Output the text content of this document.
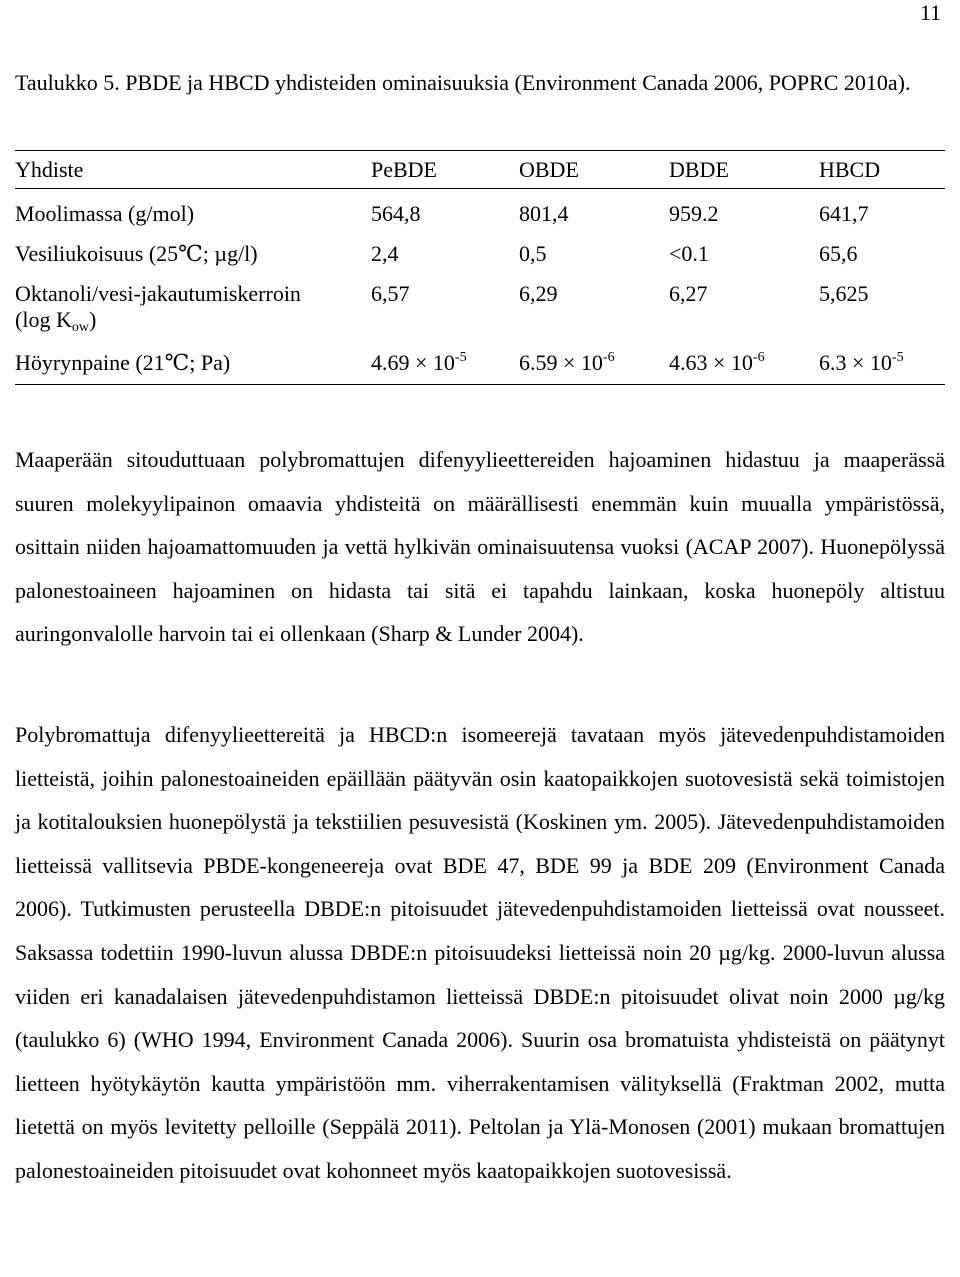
11
Taulukko 5. PBDE ja HBCD yhdisteiden ominaisuuksia (Environment Canada 2006, POPRC 2010a).
Yhdiste	PeBDE	OBDE	DBDE	HBCD
Moolimassa (g/mol)	564,8	801,4	959.2	641,7
Vesiliukoisuus (25℃; µg/l)	2,4	0,5	<0.1	65,6
Oktanoli/vesi-jakautumiskerroin
(log $K_{ow}$)	6,57	6,29	6,27	5,625
Höyrynpaine (21℃; Pa)	$4.69 \times 10^{-5}$	$6.59 \times 10^{-6}$	$4.63 \times 10^{-6}$	$6.3 \times 10^{-5}$

Maaperään sitouduttuaan polybromattujen difenyylieettereiden hajoaminen hidastuu ja maaperässä suuren molekyylipainon omaavia yhdisteitä on määrällisesti enemmän kuin muualla ympäristössä, osittain niiden hajoamattomuuden ja vettä hylkivän ominaisuutensa vuoksi (ACAP 2007). Huonepölyssä palonestoaineen hajoaminen on hidasta tai sitä ei tapahdu lainkaan, koska huonepöly altistuu auringonvalolle harvoin tai ei ollenkaan (Sharp & Lunder 2004).

Polybromattuja difenyylieettereitä ja HBCD:n isomeerejä tavataan myös jätevedenpuhdistamoiden lietteistä, joihin palonestoaineiden epäillään päätyvän osin kaatopaikkojen suotovesistä sekä toimistojen ja kotitalouksien huonepölystä ja tekstiilien pesuvesistä (Koskinen ym. 2005). Jätevedenpuhdistamoiden lietteissä vallitsevia PBDE-kongeneereja ovat BDE 47, BDE 99 ja BDE 209 (Environment Canada 2006). Tutkimusten perusteella DBDE:n pitoisuudet jätevedenpuhdistamoiden lietteissä ovat nousseet. Saksassa todettiin 1990-luvun alussa DBDE:n pitoisuudeksi lietteissä noin 20 µg/kg. 2000-luvun alussa viiden eri kanadalaisen jätevedenpuhdistamon lietteissä DBDE:n pitoisuudet olivat noin 2000 µg/kg (taulukko 6) (WHO 1994, Environment Canada 2006). Suurin osa bromatuista yhdisteistä on päätynyt lietteen hyötykäytön kautta ympäristöön mm. viherrakentamisen välityksellä (Fraktman 2002, mutta lietettä on myös levitetty pelloille (Seppälä 2011). Peltolan ja Ylä-Monosen (2001) mukaan bromattujen palonestoaineiden pitoisuudet ovat kohonneet myös kaatopaikkojen suotovesissä.
